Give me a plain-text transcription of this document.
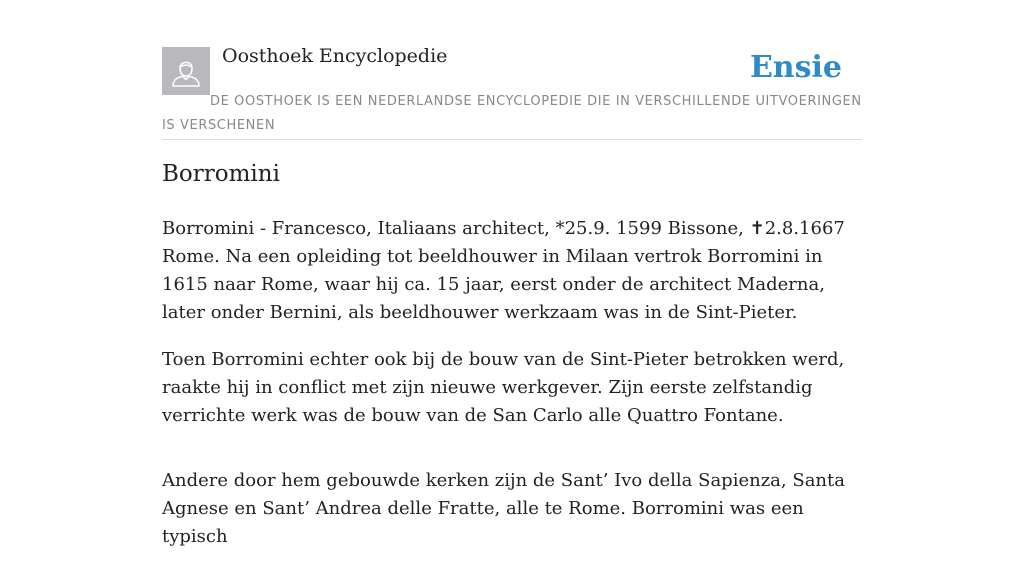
Oosthoek Encyclopedie	Ensie
DE OOSTHOEK IS EEN NEDERLANDSE ENCYCLOPEDIE DIE IN VERSCHILLENDE UITVOERINGEN IS VERSCHENEN
Borromini

Borromini - Francesco, Italiaans architect, *25.9. 1599 Bissone, ✝2.8.1667 Rome. Na een opleiding tot beeldhouwer in Milaan vertrok Borromini in 1615 naar Rome, waar hij ca. 15 jaar, eerst onder de architect Maderna, later onder Bernini, als beeldhouwer werkzaam was in de Sint-Pieter.

Toen Borromini echter ook bij de bouw van de Sint-Pieter betrokken werd, raakte hij in conflict met zijn nieuwe werkgever. Zijn eerste zelfstandig verrichte werk was de bouw van de San Carlo alle Quattro Fontane.

Andere door hem gebouwde kerken zijn de Sant’ Ivo della Sapienza, Santa Agnese en Sant’ Andrea delle Fratte, alle te Rome. Borromini was een typisch
